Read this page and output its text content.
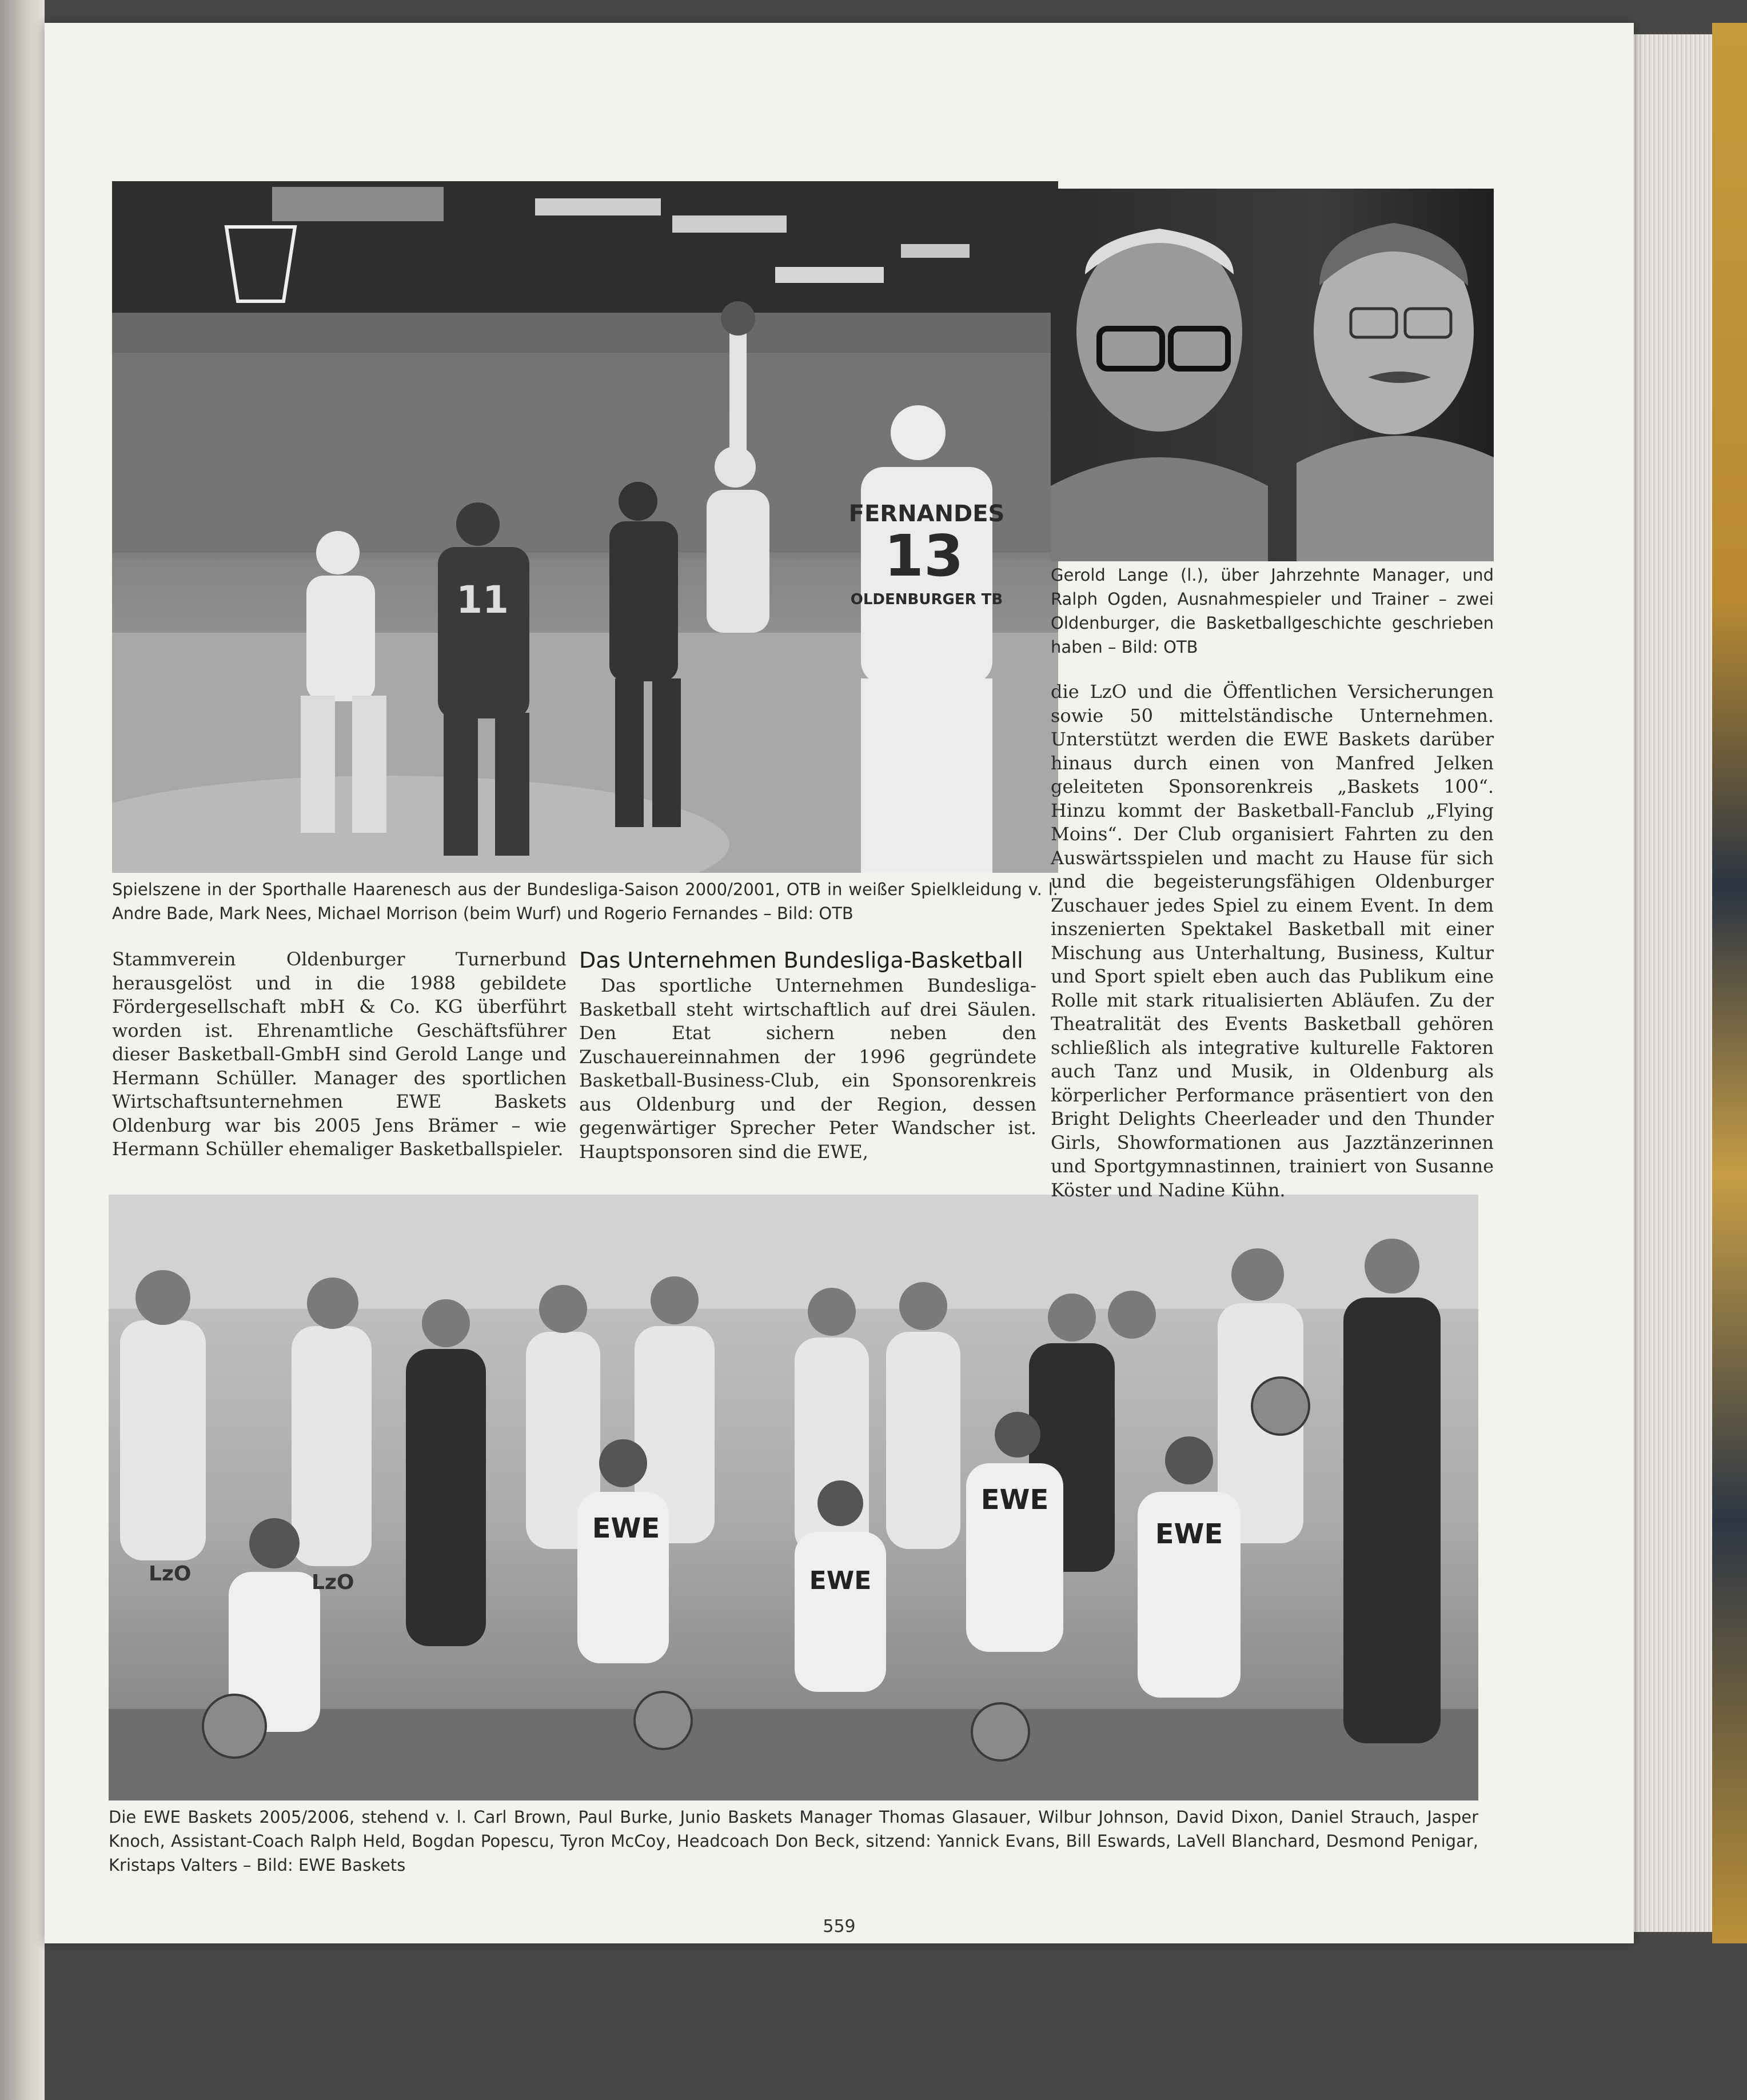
FERNANDES
13
OLDENBURGER TB
11
EWE
EWE
EWE
EWE
LzO	LzO

Spielszene in der Sporthalle Haarenesch aus der Bundesliga-Saison 2000/2001, OTB in weißer Spielkleidung v. l. Andre Bade, Mark Nees, Michael Morrison (beim Wurf) und Rogerio Fernandes – Bild: OTB

Gerold Lange (l.), über Jahrzehnte Manager, und Ralph Ogden, Ausnahmespieler und Trainer – zwei Oldenburger, die Basketballgeschichte geschrieben haben – Bild: OTB

Die EWE Baskets 2005/2006, stehend v. l. Carl Brown, Paul Burke, Junio Baskets Manager Thomas Glasauer, Wilbur Johnson, David Dixon, Daniel Strauch, Jasper Knoch, Assistant-Coach Ralph Held, Bogdan Popescu, Tyron McCoy, Headcoach Don Beck, sitzend: Yannick Evans, Bill Eswards, LaVell Blanchard, Desmond Penigar, Kristaps Valters – Bild: EWE Baskets

Stammverein Oldenburger Turnerbund herausgelöst und in die 1988 gebildete Fördergesellschaft mbH & Co. KG überführt worden ist. Ehrenamtliche Geschäftsführer dieser Basketball-GmbH sind Gerold Lange und Hermann Schüller. Manager des sportlichen Wirtschaftsunternehmen EWE Baskets Oldenburg war bis 2005 Jens Brämer – wie Hermann Schüller ehemaliger Basketballspieler.

Das Unternehmen Bundesliga-Basketball

Das sportliche Unternehmen Bundesliga-Basketball steht wirtschaftlich auf drei Säulen. Den Etat sichern neben den Zuschauereinnahmen der 1996 gegründete Basketball-Business-Club, ein Sponsorenkreis aus Oldenburg und der Region, dessen gegenwärtiger Sprecher Peter Wandscher ist. Hauptsponsoren sind die EWE,

die LzO und die Öffentlichen Versicherungen sowie 50 mittelständische Unternehmen. Unterstützt werden die EWE Baskets darüber hinaus durch einen von Manfred Jelken geleiteten Sponsorenkreis „Baskets 100“. Hinzu kommt der Basketball-Fanclub „Flying Moins“. Der Club organisiert Fahrten zu den Auswärtsspielen und macht zu Hause für sich und die begeisterungsfähigen Oldenburger Zuschauer jedes Spiel zu einem Event. In dem inszenierten Spektakel Basketball mit einer Mischung aus Unterhaltung, Business, Kultur und Sport spielt eben auch das Publikum eine Rolle mit stark ritualisierten Abläufen. Zu der Theatralität des Events Basketball gehören schließlich als integrative kulturelle Faktoren auch Tanz und Musik, in Oldenburg als körperlicher Performance präsentiert von den Bright Delights Cheerleader und den Thunder Girls, Showformationen aus Jazztänzerinnen und Sportgymnastinnen, trainiert von Susanne Köster und Nadine Kühn.

559
